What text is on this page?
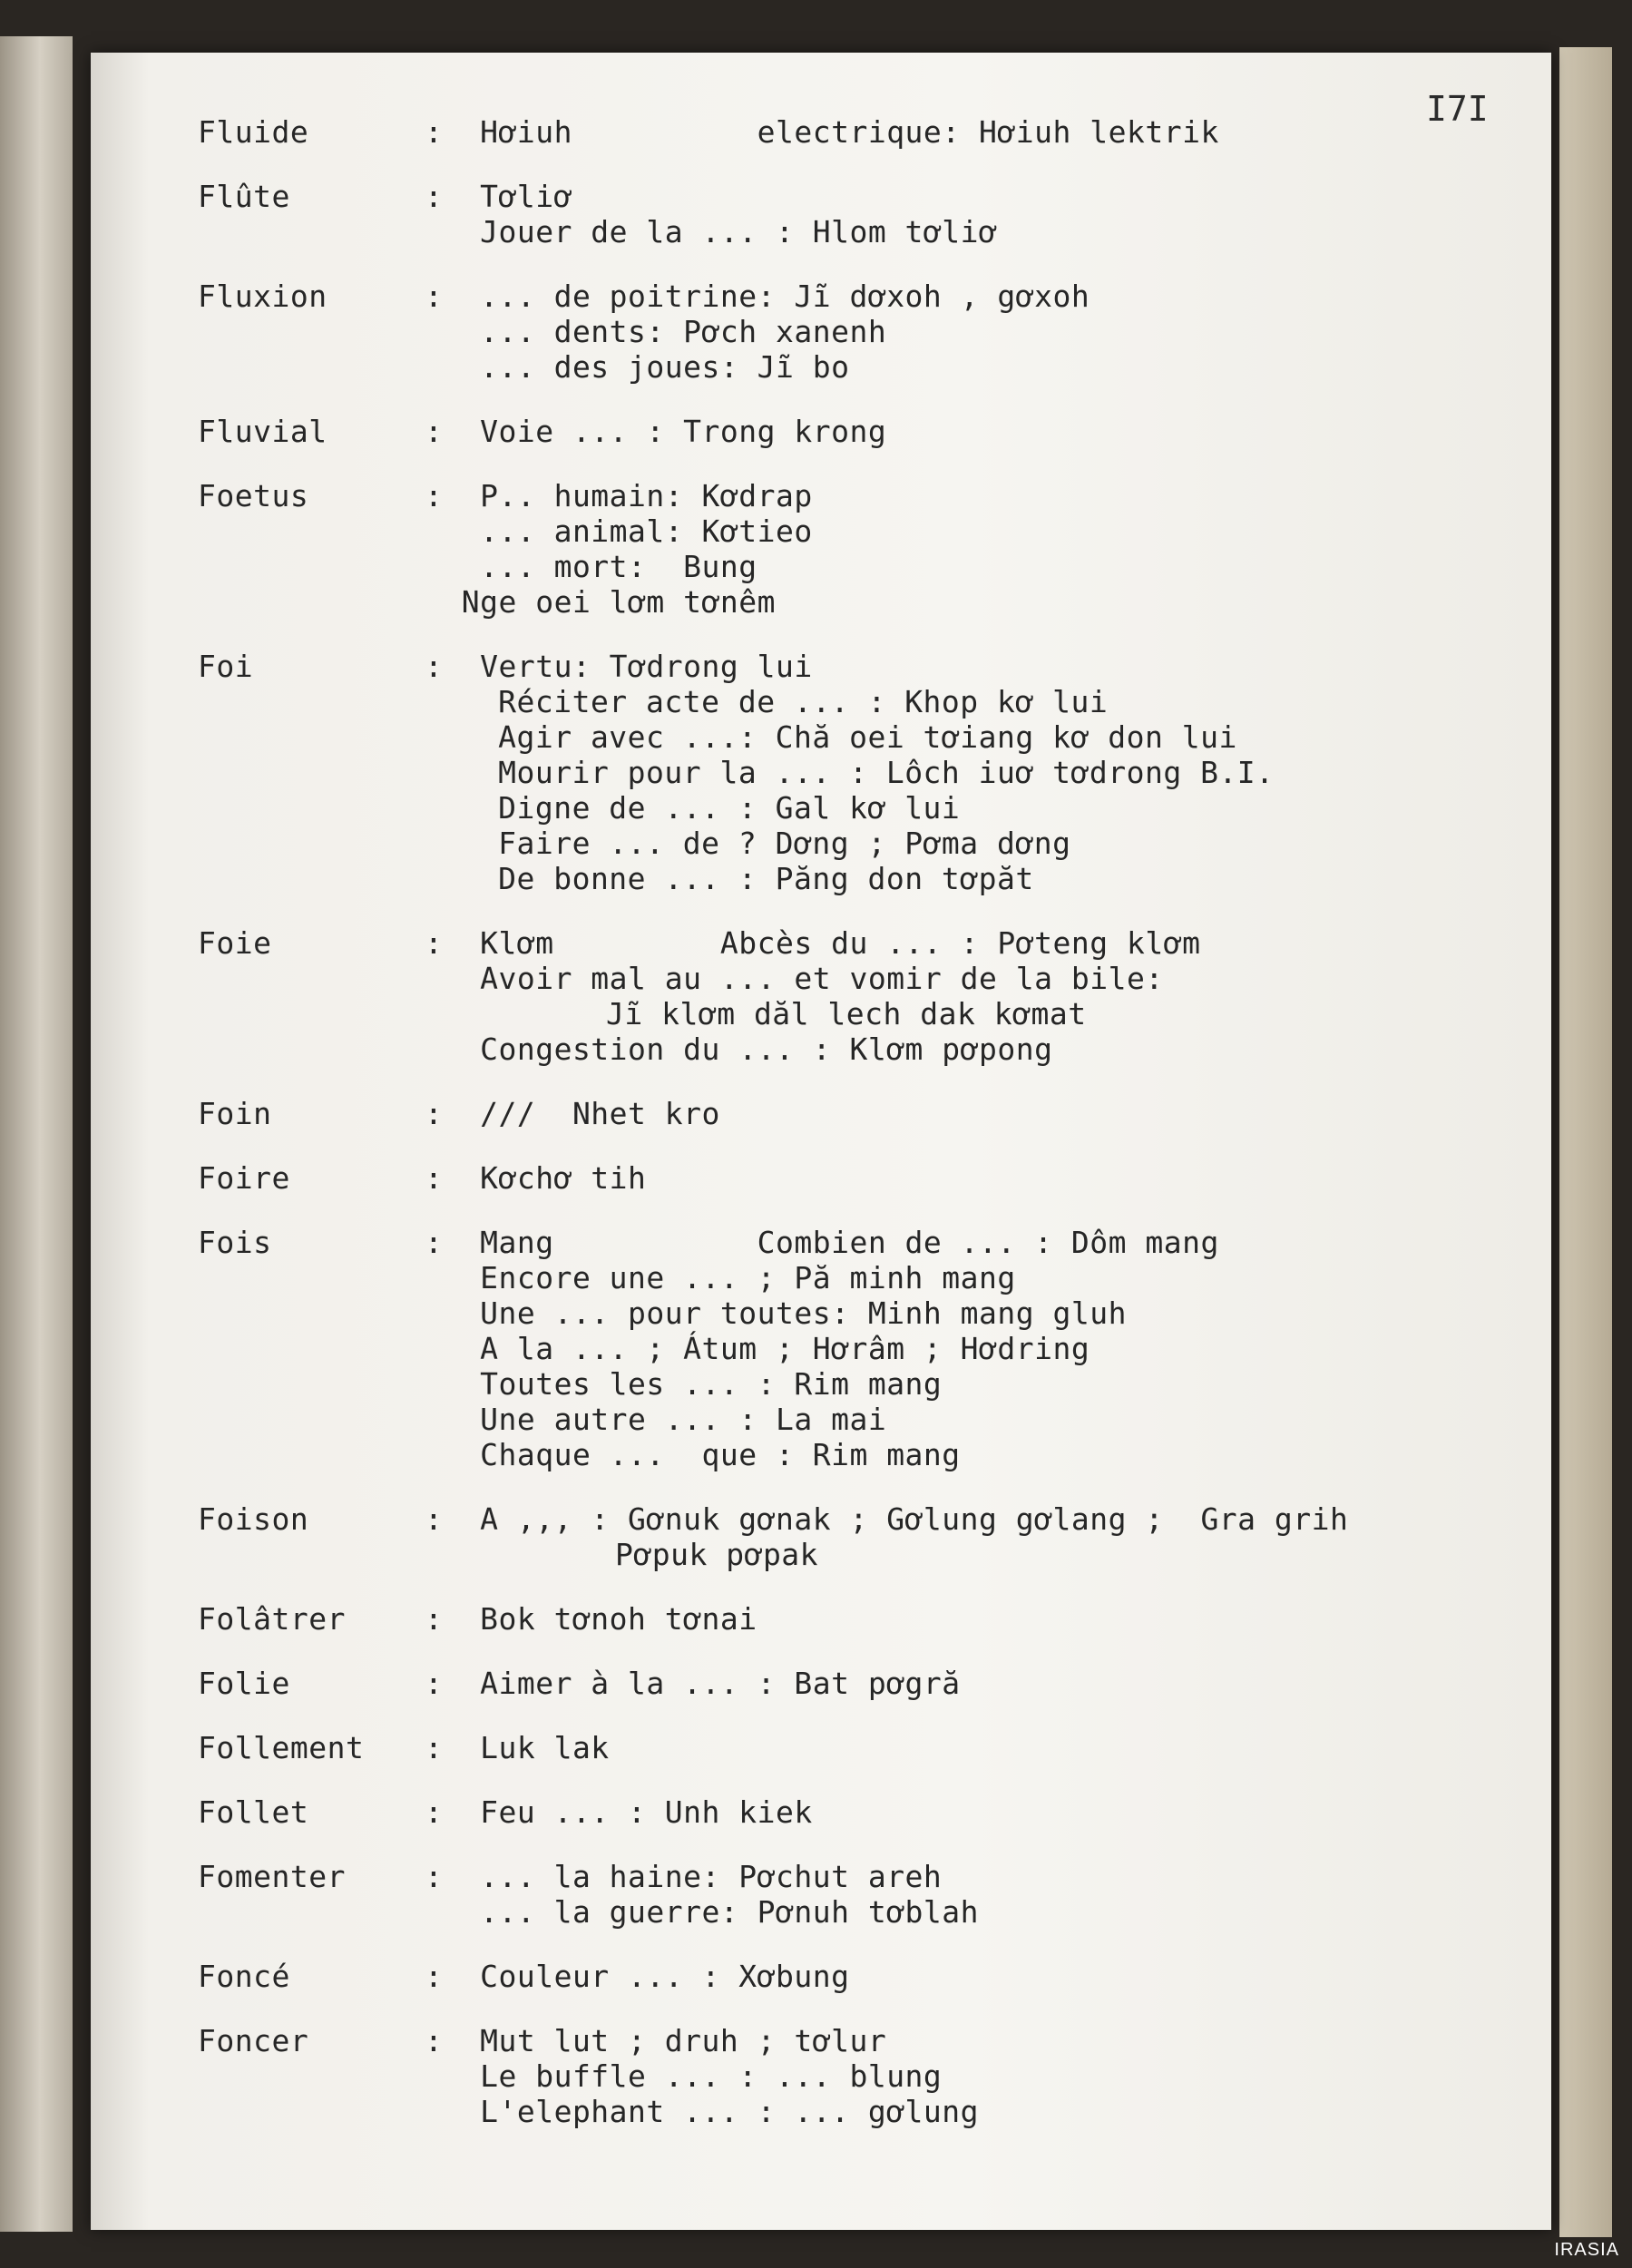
I7I
Fluide	:  Hơiuh          electrique: Hơiuh lektrik
Flûte	:  Tơliơ
Jouer de la ... : Hlom tơliơ
Fluxion	:  ... de poitrine: Jĩ dơxoh , gơxoh
... dents: Pơch xanenh
... des joues: Jĩ bo
Fluvial	:  Voie ... : Trong krong
Foetus	:  P.. humain: Kơdrap
... animal: Kơtieo
... mort:  Bung
Nge oei lơm tơnêm
Foi	:  Vertu: Tơdrong lui
Réciter acte de ... : Khop kơ lui
Agir avec ...: Chă oei tơiang kơ don lui
Mourir pour la ... : Lôch iuơ tơdrong B.I.
Digne de ... : Gal kơ lui
Faire ... de ? Dơng ; Pơma dơng
De bonne ... : Păng don tơpăt
Foie	:  Klơm         Abcès du ... : Pơteng klơm
Avoir mal au ... et vomir de la bile:
Jĩ klơm dăl lech dak kơmat
Congestion du ... : Klơm pơpong
Foin	:  ///  Nhet kro
Foire	:  Kơchơ tih
Fois	:  Mang           Combien de ... : Dôm mang
Encore une ... ; Pă minh mang
Une ... pour toutes: Minh mang gluh
A la ... ; Átum ; Hơrâm ; Hơdring
Toutes les ... : Rim mang
Une autre ... : La mai
Chaque ...  que : Rim mang
Foison	:  A ,,, : Gơnuk gơnak ; Gơlung gơlang ;  Gra grih
Pơpuk pơpak
Folâtrer	:  Bok tơnoh tơnai
Folie	:  Aimer à la ... : Bat pơgră
Follement	:  Luk lak
Follet	:  Feu ... : Unh kiek
Fomenter	:  ... la haine: Pơchut areh
... la guerre: Pơnuh tơblah
Foncé	:  Couleur ... : Xơbung
Foncer	:  Mut lut ; druh ; tơlur
Le buffle ... : ... blung
L'elephant ... : ... gơlung
IRASIA
